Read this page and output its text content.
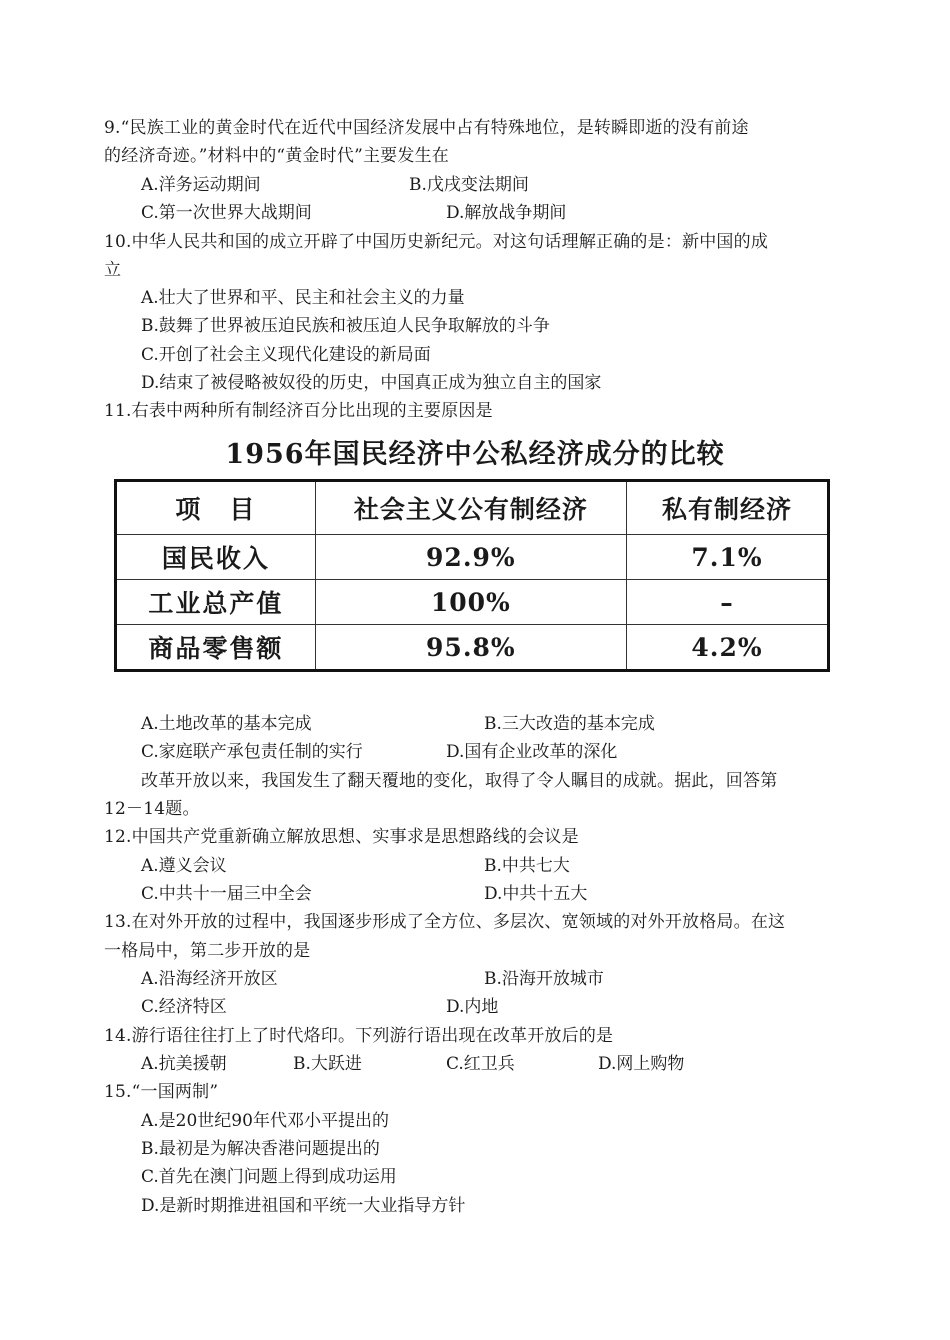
9.“民族工业的黄金时代在近代中国经济发展中占有特殊地位，是转瞬即逝的没有前途
的经济奇迹。”材料中的“黄金时代”主要发生在
A.洋务运动期间	B.戊戌变法期间
C.第一次世界大战期间	D.解放战争期间
10.中华人民共和国的成立开辟了中国历史新纪元。对这句话理解正确的是：新中国的成
立
A.壮大了世界和平、民主和社会主义的力量
B.鼓舞了世界被压迫民族和被压迫人民争取解放的斗争
C.开创了社会主义现代化建设的新局面
D.结束了被侵略被奴役的历史，中国真正成为独立自主的国家
11.右表中两种所有制经济百分比出现的主要原因是
1956年国民经济中公私经济成分的比较
项　目	社会主义公有制经济	私有制经济
国民收入	92.9%	7.1%
工业总产值	100%	–
商品零售额	95.8%	4.2%
A.土地改革的基本完成	B.三大改造的基本完成
C.家庭联产承包责任制的实行	D.国有企业改革的深化
改革开放以来，我国发生了翻天覆地的变化，取得了令人瞩目的成就。据此，回答第
12－14题。
12.中国共产党重新确立解放思想、实事求是思想路线的会议是
A.遵义会议	B.中共七大
C.中共十一届三中全会	D.中共十五大
13.在对外开放的过程中，我国逐步形成了全方位、多层次、宽领域的对外开放格局。在这
一格局中，第二步开放的是
A.沿海经济开放区	B.沿海开放城市
C.经济特区	D.内地
14.游行语往往打上了时代烙印。下列游行语出现在改革开放后的是
A.抗美援朝	B.大跃进	C.红卫兵	D.网上购物
15.“一国两制”
A.是20世纪90年代邓小平提出的
B.最初是为解决香港问题提出的
C.首先在澳门问题上得到成功运用
D.是新时期推进祖国和平统一大业指导方针
